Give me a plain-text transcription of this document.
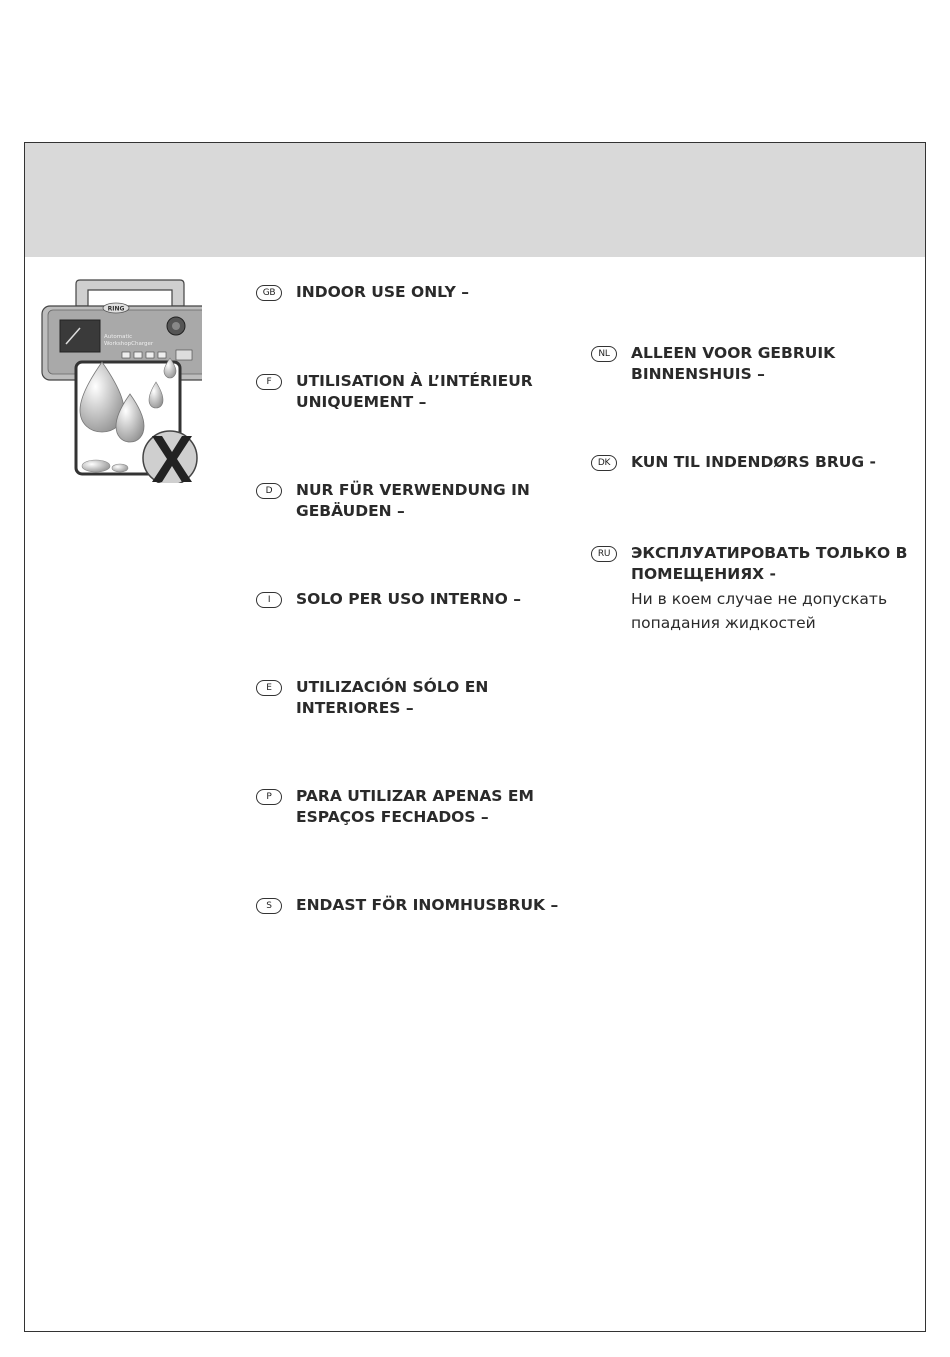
RING
Automatic
WorkshopCharger
GB	INDOOR USE ONLY –
F	UTILISATION À L’INTÉRIEUR
UNIQUEMENT –
D	NUR FÜR VERWENDUNG IN
GEBÄUDEN –
I	SOLO PER USO INTERNO –
E	UTILIZACIÓN SÓLO EN
INTERIORES –
P	PARA UTILIZAR APENAS EM
ESPAÇOS FECHADOS –
S	ENDAST FÖR INOMHUSBRUK –
NL	ALLEEN VOOR GEBRUIK
BINNENSHUIS –
DK	KUN TIL INDENDØRS BRUG -
RU	ЭКСПЛУАТИРОВАТЬ ТОЛЬКО В
ПОМЕЩЕНИЯХ -
Ни в коем случае не допускать
попадания жидкостей
